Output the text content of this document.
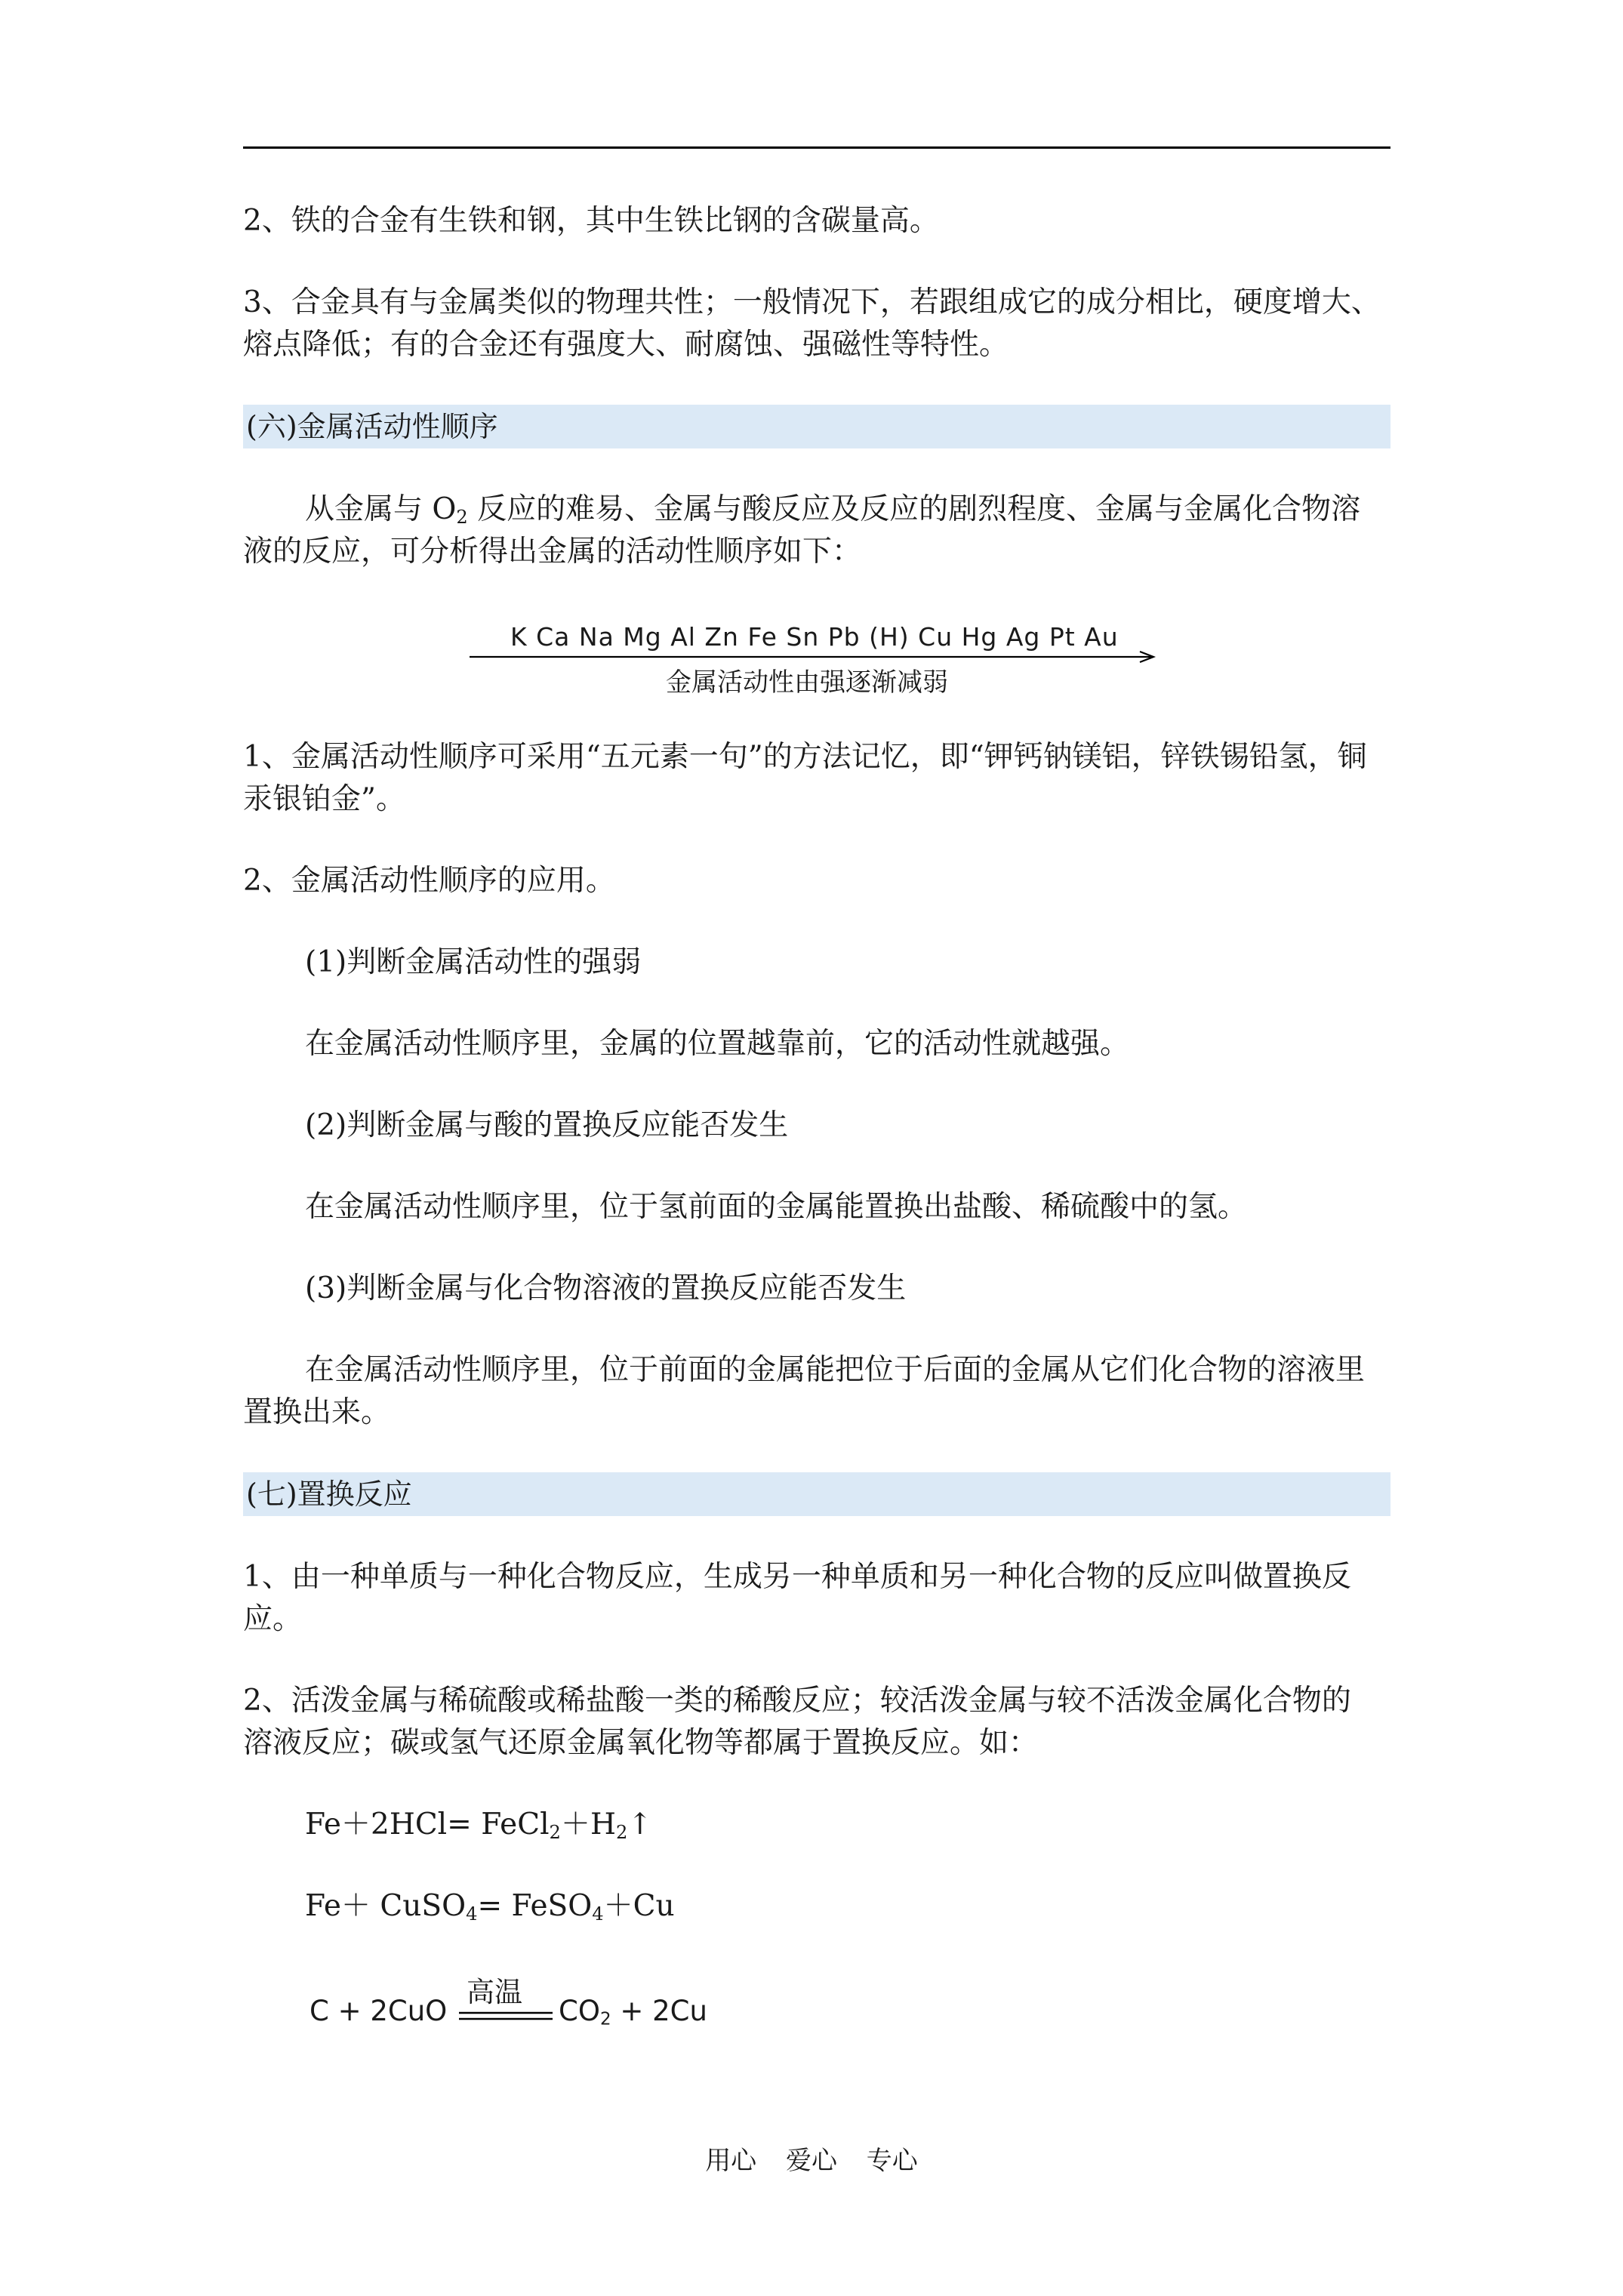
2、铁的合金有生铁和钢，其中生铁比钢的含碳量高。
3、合金具有与金属类似的物理共性；一般情况下，若跟组成它的成分相比，硬度增大、
熔点降低；有的合金还有强度大、耐腐蚀、强磁性等特性。
(六)金属活动性顺序
从金属与 $O_2$ 反应的难易、金属与酸反应及反应的剧烈程度、金属与金属化合物溶
液的反应，可分析得出金属的活动性顺序如下：
K Ca Na Mg Al Zn Fe Sn Pb (H) Cu Hg Ag Pt Au
金属活动性由强逐渐减弱
1、金属活动性顺序可采用“五元素一句”的方法记忆，即“钾钙钠镁铝，锌铁锡铅氢，铜
汞银铂金”。
2、金属活动性顺序的应用。
(1)判断金属活动性的强弱
在金属活动性顺序里，金属的位置越靠前，它的活动性就越强。
(2)判断金属与酸的置换反应能否发生
在金属活动性顺序里，位于氢前面的金属能置换出盐酸、稀硫酸中的氢。
(3)判断金属与化合物溶液的置换反应能否发生
在金属活动性顺序里，位于前面的金属能把位于后面的金属从它们化合物的溶液里
置换出来。
(七)置换反应
1、由一种单质与一种化合物反应，生成另一种单质和另一种化合物的反应叫做置换反
应。
2、活泼金属与稀硫酸或稀盐酸一类的稀酸反应；较活泼金属与较不活泼金属化合物的
溶液反应；碳或氢气还原金属氧化物等都属于置换反应。如：
$Fe+2HCl= FeCl_2+H_2↑$
Fe＋ CuSO$_4$= FeSO$_4$＋Cu
C + 2CuO
高温
$CO_2 + 2Cu$
用心 爱心 专心
